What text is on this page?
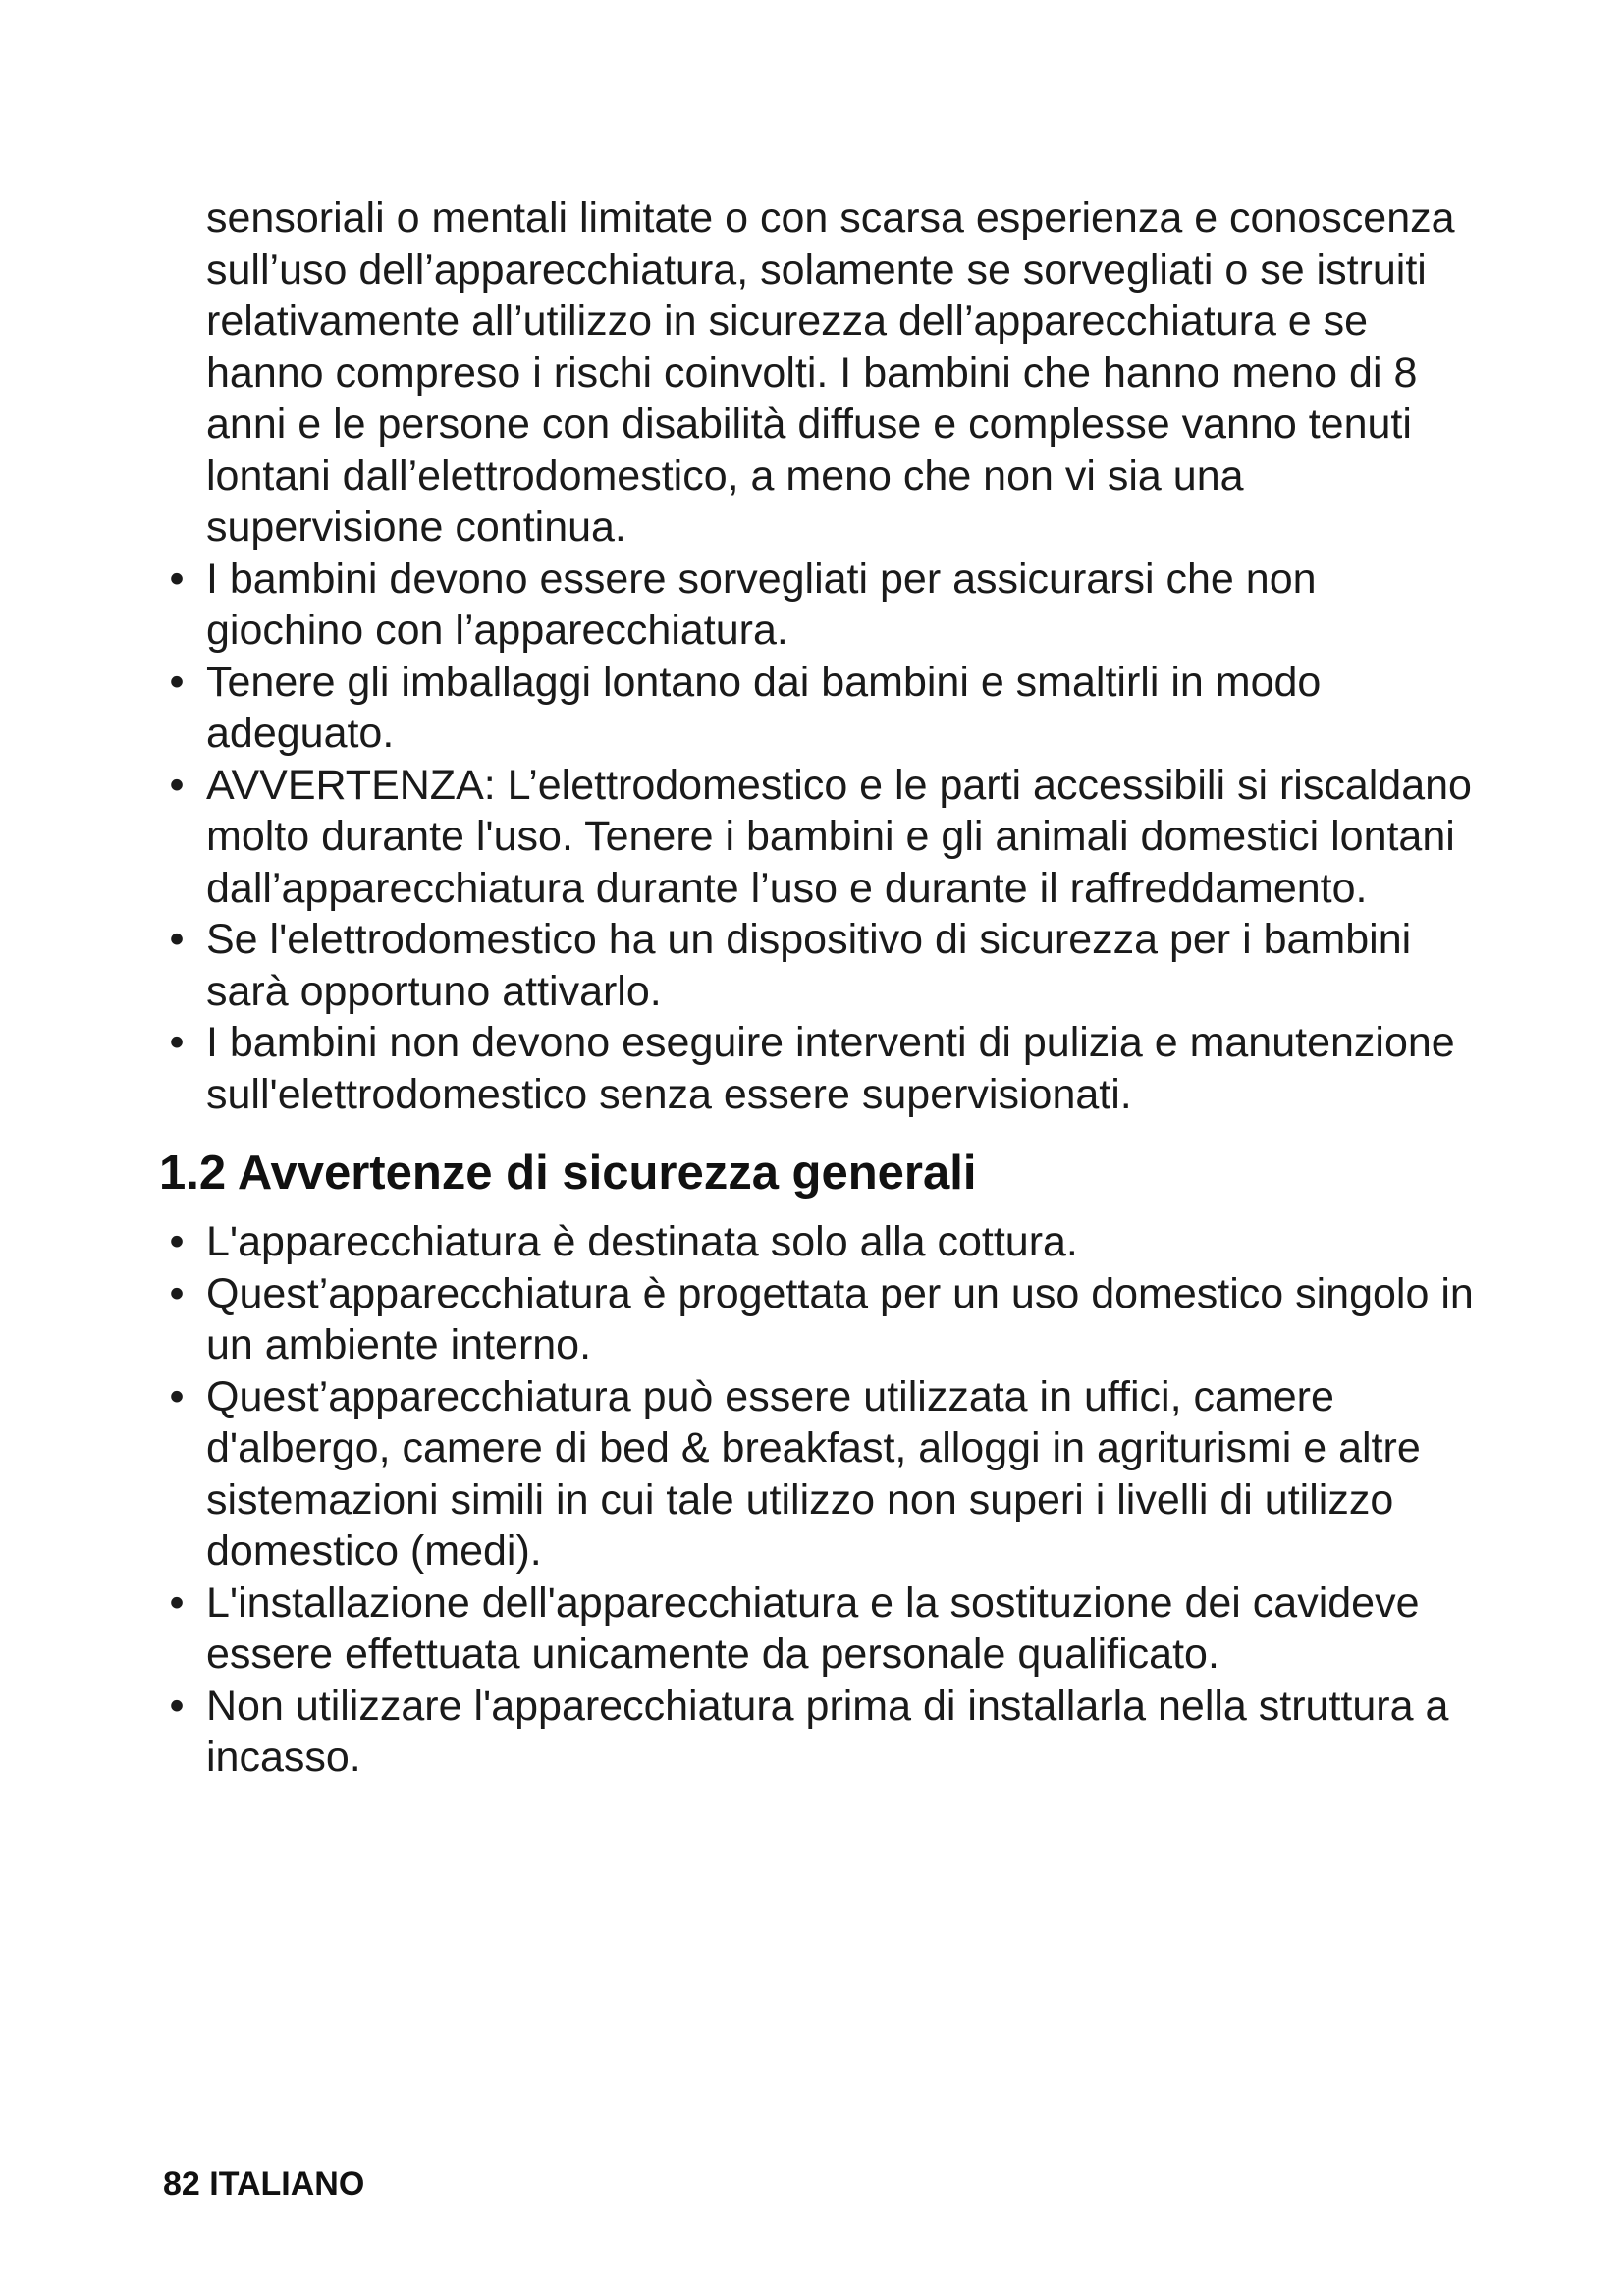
sensoriali o mentali limitate o con scarsa esperienza e conoscenza sull’uso dell’apparecchiatura, solamente se sorvegliati o se istruiti relativamente all’utilizzo in sicurezza dell’apparecchiatura e se hanno compreso i rischi coinvolti. I bambini che hanno meno di 8 anni e le persone con disabilità diffuse e complesse vanno tenuti lontani dall’elettrodomestico, a meno che non vi sia una supervisione continua.

• I bambini devono essere sorvegliati per assicurarsi che non giochino con l’apparecchiatura.
• Tenere gli imballaggi lontano dai bambini e smaltirli in modo adeguato.
• AVVERTENZA: L’elettrodomestico e le parti accessibili si riscaldano molto durante l'uso. Tenere i bambini e gli animali domestici lontani dall’apparecchiatura durante l’uso e durante il raffreddamento.
• Se l'elettrodomestico ha un dispositivo di sicurezza per i bambini sarà opportuno attivarlo.
• I bambini non devono eseguire interventi di pulizia e manutenzione sull'elettrodomestico senza essere supervisionati.
1.2 Avvertenze di sicurezza generali
• L'apparecchiatura è destinata solo alla cottura.
• Quest’apparecchiatura è progettata per un uso domestico singolo in un ambiente interno.
• Quest’apparecchiatura può essere utilizzata in uffici, camere d'albergo, camere di bed & breakfast, alloggi in agriturismi e altre sistemazioni simili in cui tale utilizzo non superi i livelli di utilizzo domestico (medi).
• L'installazione dell'apparecchiatura e la sostituzione dei cavideve essere effettuata unicamente da personale qualificato.
• Non utilizzare l'apparecchiatura prima di installarla nella struttura a incasso.
82 ITALIANO
